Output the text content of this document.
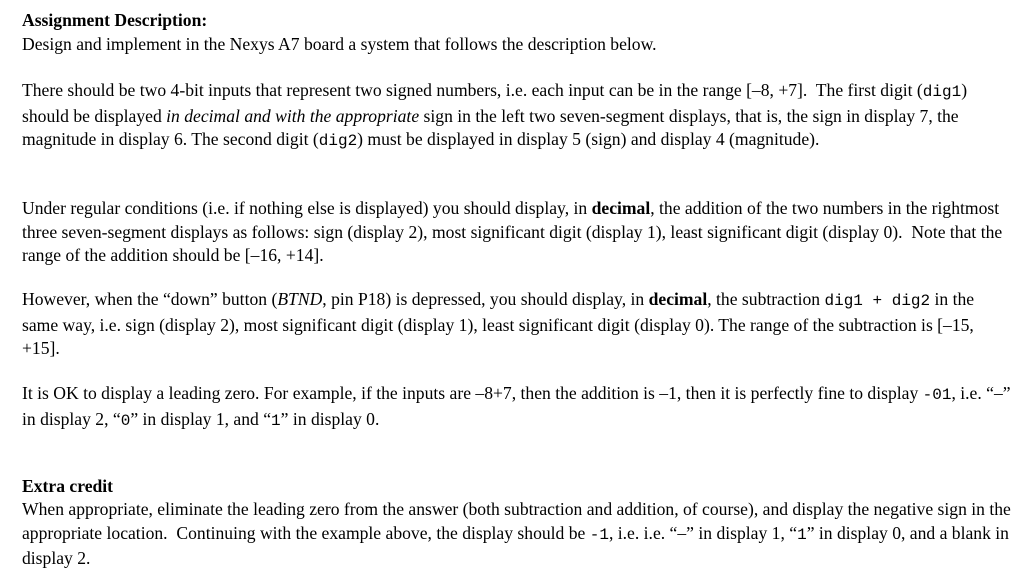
Assignment Description:
Design and implement in the Nexys A7 board a system that follows the description below.

There should be two 4-bit inputs that represent two signed numbers, i.e. each input can be in the range [–8, +7].  The first digit (dig1) should be displayed in decimal and with the appropriate sign in the left two seven-segment displays, that is, the sign in display 7, the magnitude in display 6. The second digit (dig2) must be displayed in display 5 (sign) and display 4 (magnitude).

Under regular conditions (i.e. if nothing else is displayed) you should display, in decimal, the addition of the two numbers in the rightmost three seven-segment displays as follows: sign (display 2), most significant digit (display 1), least significant digit (display 0).  Note that the range of the addition should be [–16, +14].

However, when the “down” button (BTND, pin P18) is depressed, you should display, in decimal, the subtraction dig1 + dig2 in the same way, i.e. sign (display 2), most significant digit (display 1), least significant digit (display 0). The range of the subtraction is [–15, +15].

It is OK to display a leading zero. For example, if the inputs are –8+7, then the addition is –1, then it is perfectly fine to display -01, i.e. “–” in display 2, “0” in display 1, and “1” in display 0.

Extra credit

When appropriate, eliminate the leading zero from the answer (both subtraction and addition, of course), and display the negative sign in the appropriate location.  Continuing with the example above, the display should be -1, i.e. i.e. “–” in display 1, “1” in display 0, and a blank in display 2.
